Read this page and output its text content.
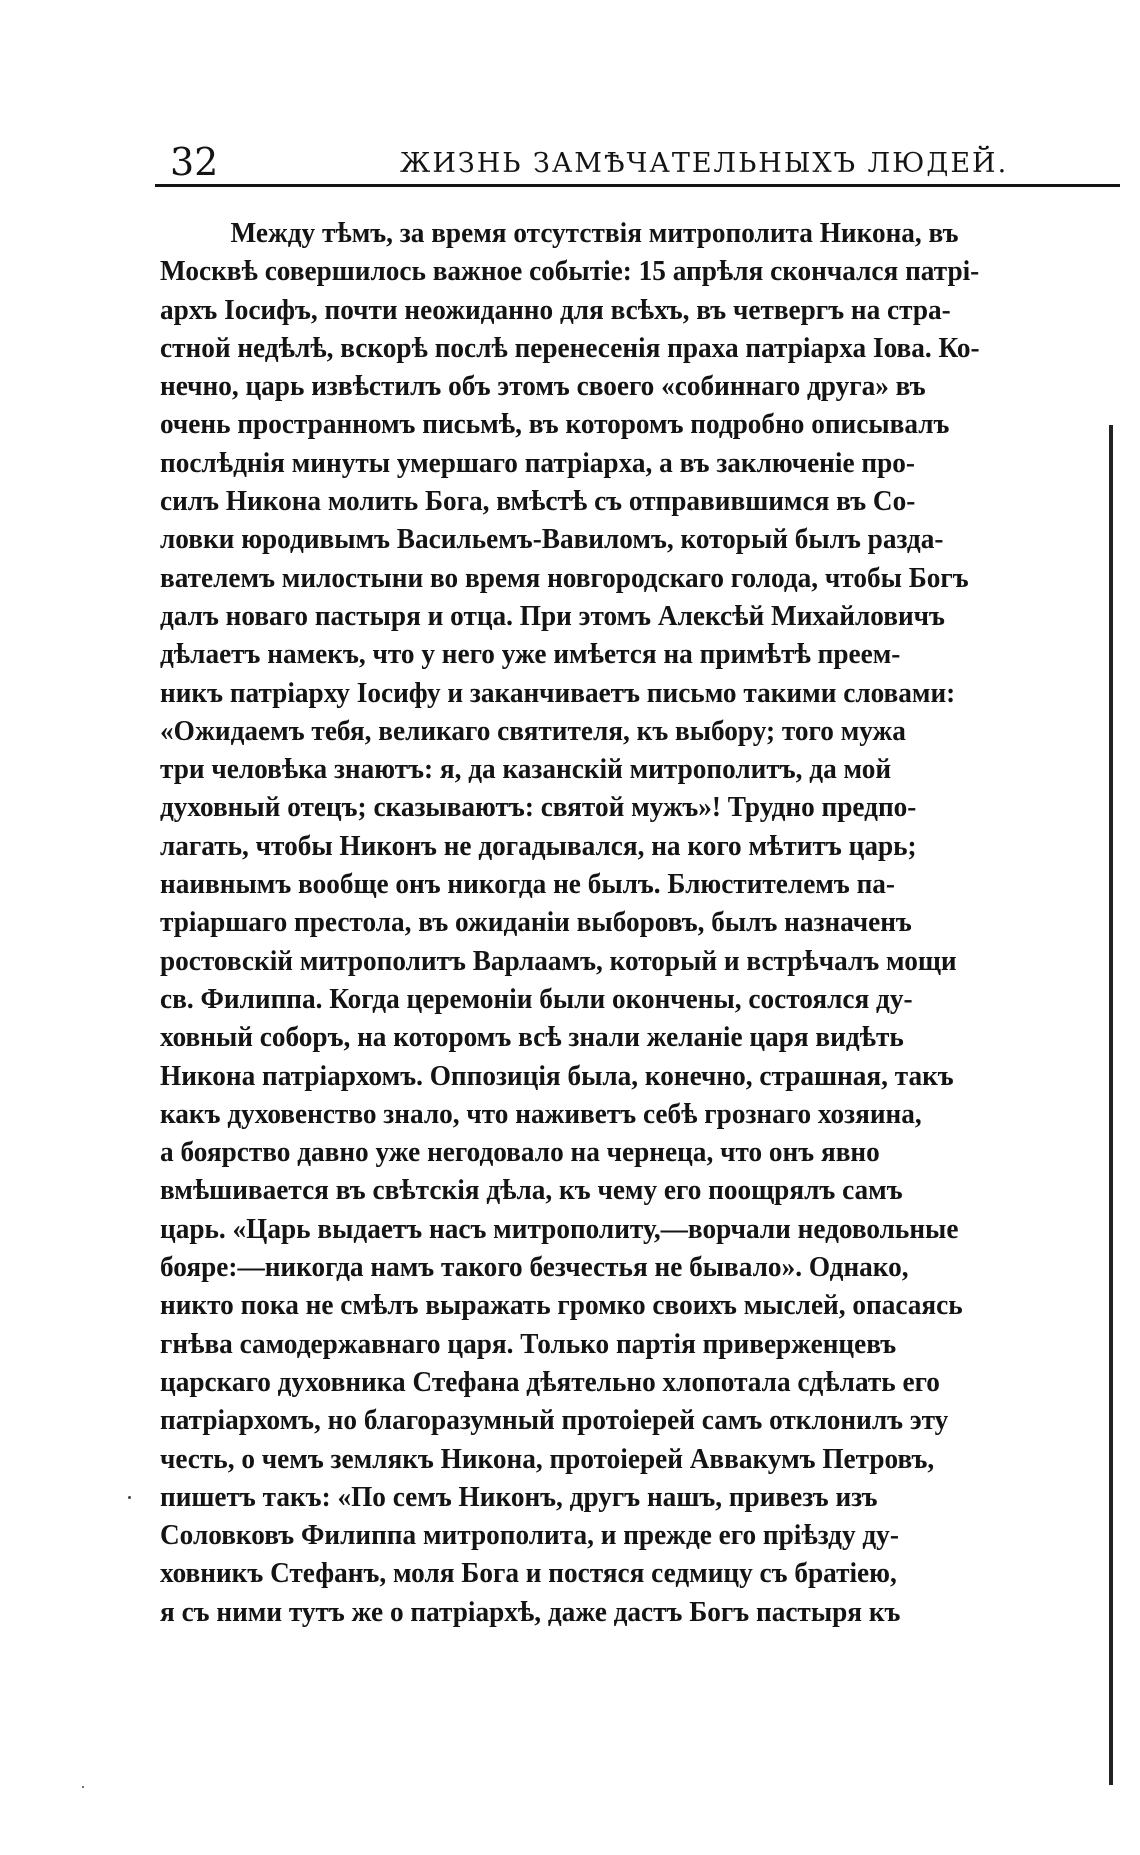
32	ЖИЗНЬ ЗАМѢЧАТЕЛЬНЫХЪ ЛЮДЕЙ.
Между тѣмъ, за время отсутствія митрополита Никона, въ
Москвѣ совершилось важное событіе: 15 апрѣля скончался патрі-
архъ Іосифъ, почти неожиданно для всѣхъ, въ четвергъ на стра-
стной недѣлѣ, вскорѣ послѣ перенесенія праха патріарха Іова. Ко-
нечно, царь извѣстилъ объ этомъ своего «собиннаго друга» въ
очень пространномъ письмѣ, въ которомъ подробно описывалъ
послѣднія минуты умершаго патріарха, а въ заключеніе про-
силъ Никона молить Бога, вмѣстѣ съ отправившимся въ Со-
ловки юродивымъ Васильемъ-Вавиломъ, который былъ разда-
вателемъ милостыни во время новгородскаго голода, чтобы Богъ
далъ новаго пастыря и отца. При этомъ Алексѣй Михайловичъ
дѣлаетъ намекъ, что у него уже имѣется на примѣтѣ преем-
никъ патріарху Іосифу и заканчиваетъ письмо такими словами:
«Ожидаемъ тебя, великаго святителя, къ выбору; того мужа
три человѣка знаютъ: я, да казанскій митрополитъ, да мой
духовный отецъ; сказываютъ: святой мужъ»! Трудно предпо-
лагать, чтобы Никонъ не догадывался, на кого мѣтитъ царь;
наивнымъ вообще онъ никогда не былъ. Блюстителемъ па-
тріаршаго престола, въ ожиданіи выборовъ, былъ назначенъ
ростовскій митрополитъ Варлаамъ, который и встрѣчалъ мощи
св. Филиппа. Когда церемоніи были окончены, состоялся ду-
ховный соборъ, на которомъ всѣ знали желаніе царя видѣть
Никона патріархомъ. Оппозиція была, конечно, страшная, такъ
какъ духовенство знало, что наживетъ себѣ грознаго хозяина,
а боярство давно уже негодовало на чернеца, что онъ явно
вмѣшивается въ свѣтскія дѣла, къ чему его поощрялъ самъ
царь. «Царь выдаетъ насъ митрополиту,—ворчали недовольные
бояре:—никогда намъ такого безчестья не бывало». Однако,
никто пока не смѣлъ выражать громко своихъ мыслей, опасаясь
гнѣва самодержавнаго царя. Только партія приверженцевъ
царскаго духовника Стефана дѣятельно хлопотала сдѣлать его
патріархомъ, но благоразумный протоіерей самъ отклонилъ эту
честь, о чемъ землякъ Никона, протоіерей Аввакумъ Петровъ,
пишетъ такъ: «По семъ Никонъ, другъ нашъ, привезъ изъ
Соловковъ Филиппа митрополита, и прежде его пріѣзду ду-
ховникъ Стефанъ, моля Бога и постяся седмицу съ братіею,
я съ ними тутъ же о патріархѣ, даже дастъ Богъ пастыря къ
